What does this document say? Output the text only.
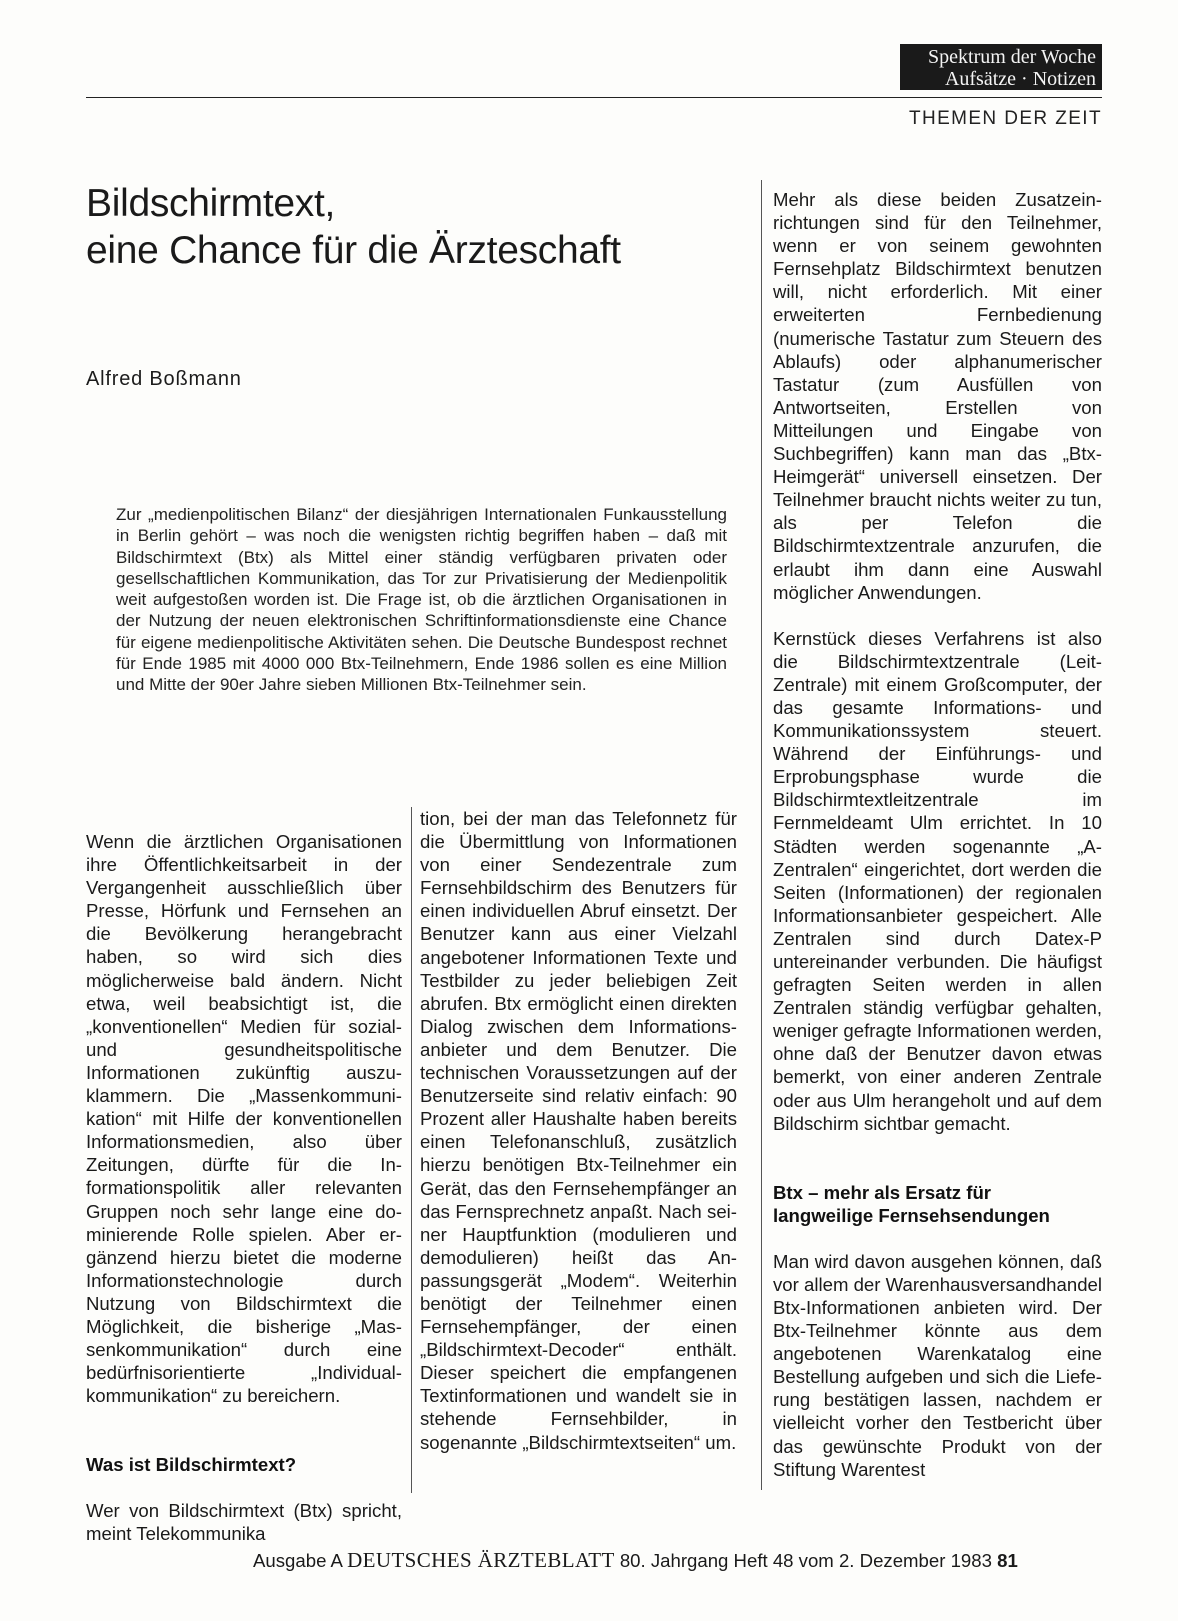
Spektrum der Woche
Aufsätze · Notizen
THEMEN DER ZEIT
Bildschirmtext,
eine Chance für die Ärzteschaft
Alfred Boßmann
Zur „medienpolitischen Bilanz“ der diesjährigen Internationalen Funkausstellung in Berlin gehört – was noch die wenigsten richtig begriffen haben – daß mit Bildschirmtext (Btx) als Mittel einer ständig verfügbaren privaten oder gesellschaftlichen Kommunikation, das Tor zur Privatisierung der Medienpolitik weit aufgestoßen worden ist. Die Frage ist, ob die ärztlichen Organisationen in der Nutzung der neuen elektronischen Schriftinformationsdienste eine Chance für eigene medienpolitische Aktivitäten sehen. Die Deutsche Bundespost rechnet für Ende 1985 mit 4000 000 Btx-Teilnehmern, Ende 1986 sollen es eine Million und Mitte der 90er Jahre sieben Millionen Btx-Teilnehmer sein.

Wenn die ärztlichen Organisationen ihre Öffentlichkeitsarbeit in der Vergangenheit ausschließlich über Presse, Hörfunk und Fernsehen an die Bevölkerung herangebracht haben, so wird sich dies möglicherweise bald ändern. Nicht etwa, weil beabsichtigt ist, die „konventionellen“ Medien für sozial- und gesundheitspolitische Informationen zukünftig auszuklammern. Die „Massenkommunikation“ mit Hilfe der konventionellen Informationsmedien, also über Zeitungen, dürfte für die Informationspolitik aller relevanten Gruppen noch sehr lange eine dominierende Rolle spielen. Aber ergänzend hierzu bietet die moderne Informationstechnologie durch Nutzung von Bildschirmtext die Möglichkeit, die bisherige „Massenkommunikation“ durch eine bedürfnisorientierte „Individualkommunikation“ zu bereichern.

Was ist Bildschirmtext?

Wer von Bildschirmtext (Btx) spricht, meint Telekommunika

tion, bei der man das Telefonnetz für die Übermittlung von Informationen von einer Sendezentrale zum Fernsehbildschirm des Benutzers für einen individuellen Abruf einsetzt. Der Benutzer kann aus einer Vielzahl angebotener Informationen Texte und Testbilder zu jeder beliebigen Zeit abrufen. Btx ermöglicht einen direkten Dialog zwischen dem Informationsanbieter und dem Benutzer. Die technischen Voraussetzungen auf der Benutzerseite sind relativ einfach: 90 Prozent aller Haushalte haben bereits einen Telefonanschluß, zusätzlich hierzu benötigen Btx-Teilnehmer ein Gerät, das den Fernsehempfänger an das Fernsprechnetz anpaßt. Nach seiner Hauptfunktion (modulieren und demodulieren) heißt das Anpassungsgerät „Modem“. Weiterhin benötigt der Teilnehmer einen Fernsehempfänger, der einen „Bildschirmtext-Decoder“ enthält. Dieser speichert die empfangenen Textinformationen und wandelt sie in stehende Fernsehbilder, in sogenannte „Bildschirmtextseiten“ um.

Mehr als diese beiden Zusatzeinrichtungen sind für den Teilnehmer, wenn er von seinem gewohnten Fernsehplatz Bildschirmtext benutzen will, nicht erforderlich. Mit einer erweiterten Fernbedienung (numerische Tastatur zum Steuern des Ablaufs) oder alphanumerischer Tastatur (zum Ausfüllen von Antwortseiten, Erstellen von Mitteilungen und Eingabe von Suchbegriffen) kann man das „Btx-Heimgerät“ universell einsetzen. Der Teilnehmer braucht nichts weiter zu tun, als per Telefon die Bildschirmtextzentrale anzurufen, die erlaubt ihm dann eine Auswahl möglicher Anwendungen.

Kernstück dieses Verfahrens ist also die Bildschirmtextzentrale (Leit-Zentrale) mit einem Großcomputer, der das gesamte Informations- und Kommunikationssystem steuert. Während der Einführungs- und Erprobungsphase wurde die Bildschirmtextleitzentrale im Fernmeldeamt Ulm errichtet. In 10 Städten werden sogenannte „A-Zentralen“ eingerichtet, dort werden die Seiten (Informationen) der regionalen Informationsanbieter gespeichert. Alle Zentralen sind durch Datex-P untereinander verbunden. Die häufigst gefragten Seiten werden in allen Zentralen ständig verfügbar gehalten, weniger gefragte Informationen werden, ohne daß der Benutzer davon etwas bemerkt, von einer anderen Zentrale oder aus Ulm herangeholt und auf dem Bildschirm sichtbar gemacht.

Btx – mehr als Ersatz für

langweilige Fernsehsendungen

Man wird davon ausgehen können, daß vor allem der Warenhausversandhandel Btx-Informationen anbieten wird. Der Btx-Teilnehmer könnte aus dem angebotenen Warenkatalog eine Bestellung aufgeben und sich die Lieferung bestätigen lassen, nachdem er vielleicht vorher den Testbericht über das gewünschte Produkt von der Stiftung Warentest

Ausgabe A DEUTSCHES ÄRZTEBLATT 80. Jahrgang Heft 48 vom 2. Dezember 1983 81
